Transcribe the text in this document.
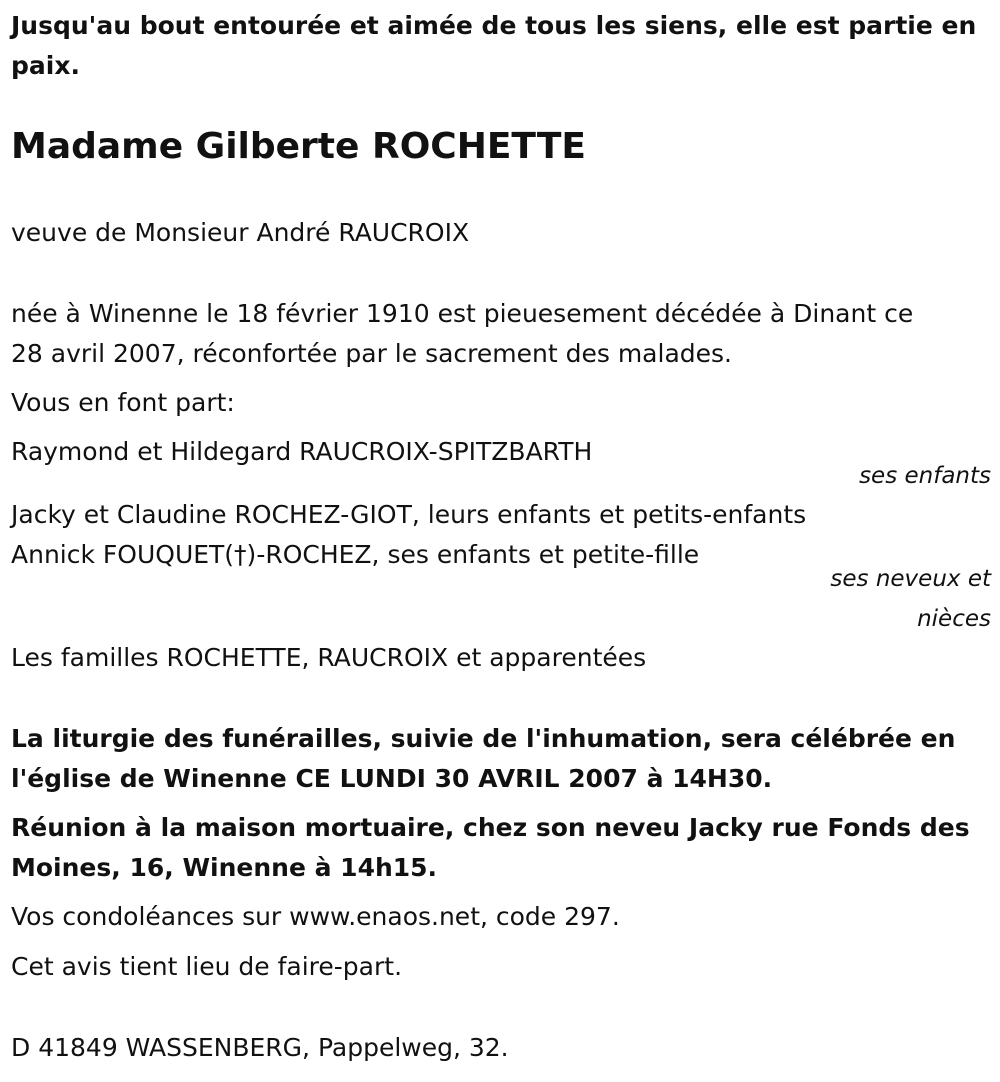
Jusqu'au bout entourée et aimée de tous les siens, elle est partie en
paix.
Madame Gilberte ROCHETTE
veuve de Monsieur André RAUCROIX
née à Winenne le 18 février 1910 est pieuesement décédée à Dinant ce
28 avril 2007, réconfortée par le sacrement des malades.
Vous en font part:
Raymond et Hildegard RAUCROIX-SPITZBARTH
ses enfants
Jacky et Claudine ROCHEZ-GIOT, leurs enfants et petits-enfants
Annick FOUQUET(†)-ROCHEZ, ses enfants et petite-fille
ses neveux et
nièces
Les familles ROCHETTE, RAUCROIX et apparentées
La liturgie des funérailles, suivie de l'inhumation, sera célébrée en
l'église de Winenne CE LUNDI 30 AVRIL 2007 à 14H30.
Réunion à la maison mortuaire, chez son neveu Jacky rue Fonds des
Moines, 16, Winenne à 14h15.
Vos condoléances sur www.enaos.net, code 297.
Cet avis tient lieu de faire-part.
D 41849 WASSENBERG, Pappelweg, 32.
